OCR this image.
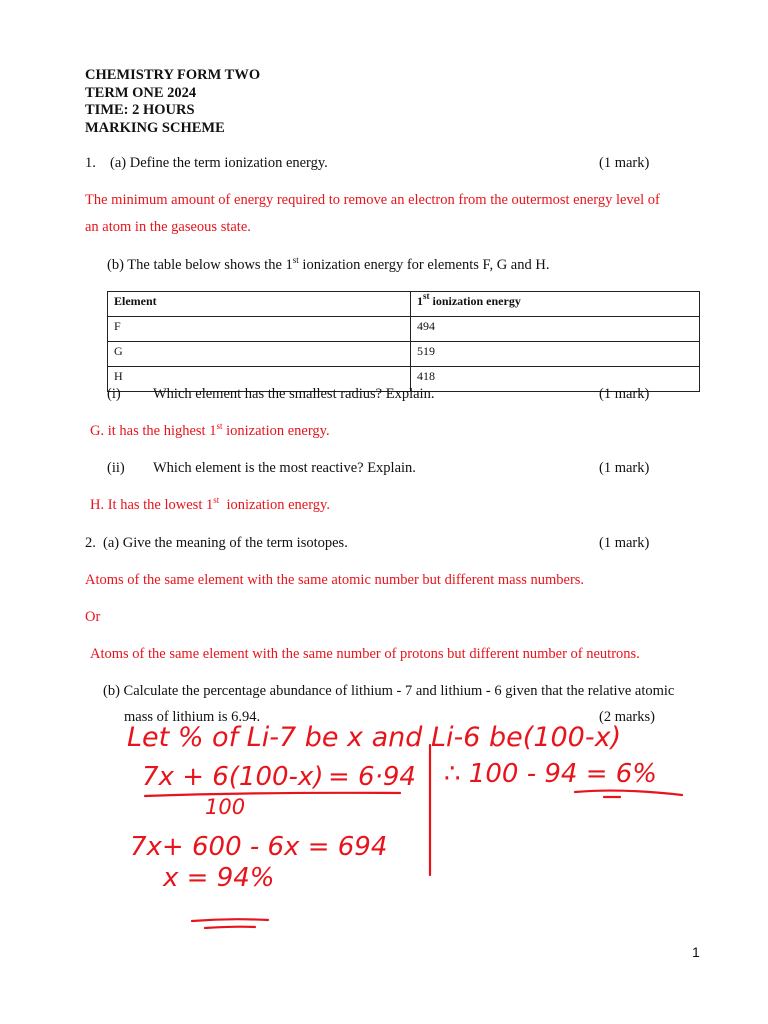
CHEMISTRY FORM TWO
TERM ONE 2024
TIME: 2 HOURS
MARKING SCHEME
1. (a) Define the term ionization energy.	(1 mark)
The minimum amount of energy required to remove an electron from the outermost energy level of
an atom in the gaseous state.
(b) The table below shows the 1st ionization energy for elements F, G and H.
Element	1st ionization energy
F	494
G	519
H	418
(i) Which element has the smallest radius? Explain.	(1 mark)
G. it has the highest 1st ionization energy.
(ii) Which element is the most reactive? Explain.	(1 mark)
H. It has the lowest 1st  ionization energy.
2. (a) Give the meaning of the term isotopes.	(1 mark)
Atoms of the same element with the same atomic number but different mass numbers.
Or
Atoms of the same element with the same number of protons but different number of neutrons.
(b) Calculate the percentage abundance of lithium - 7 and lithium - 6 given that the relative atomic
mass of lithium is 6.94.	(2 marks)
Let % of Li-7 be x and Li-6 be(100-x)
7x + 6(100-x) = 6·94
100
7x+ 600 - 6x = 694
x = 94%
∴ 100 - 94 = 6%
1
